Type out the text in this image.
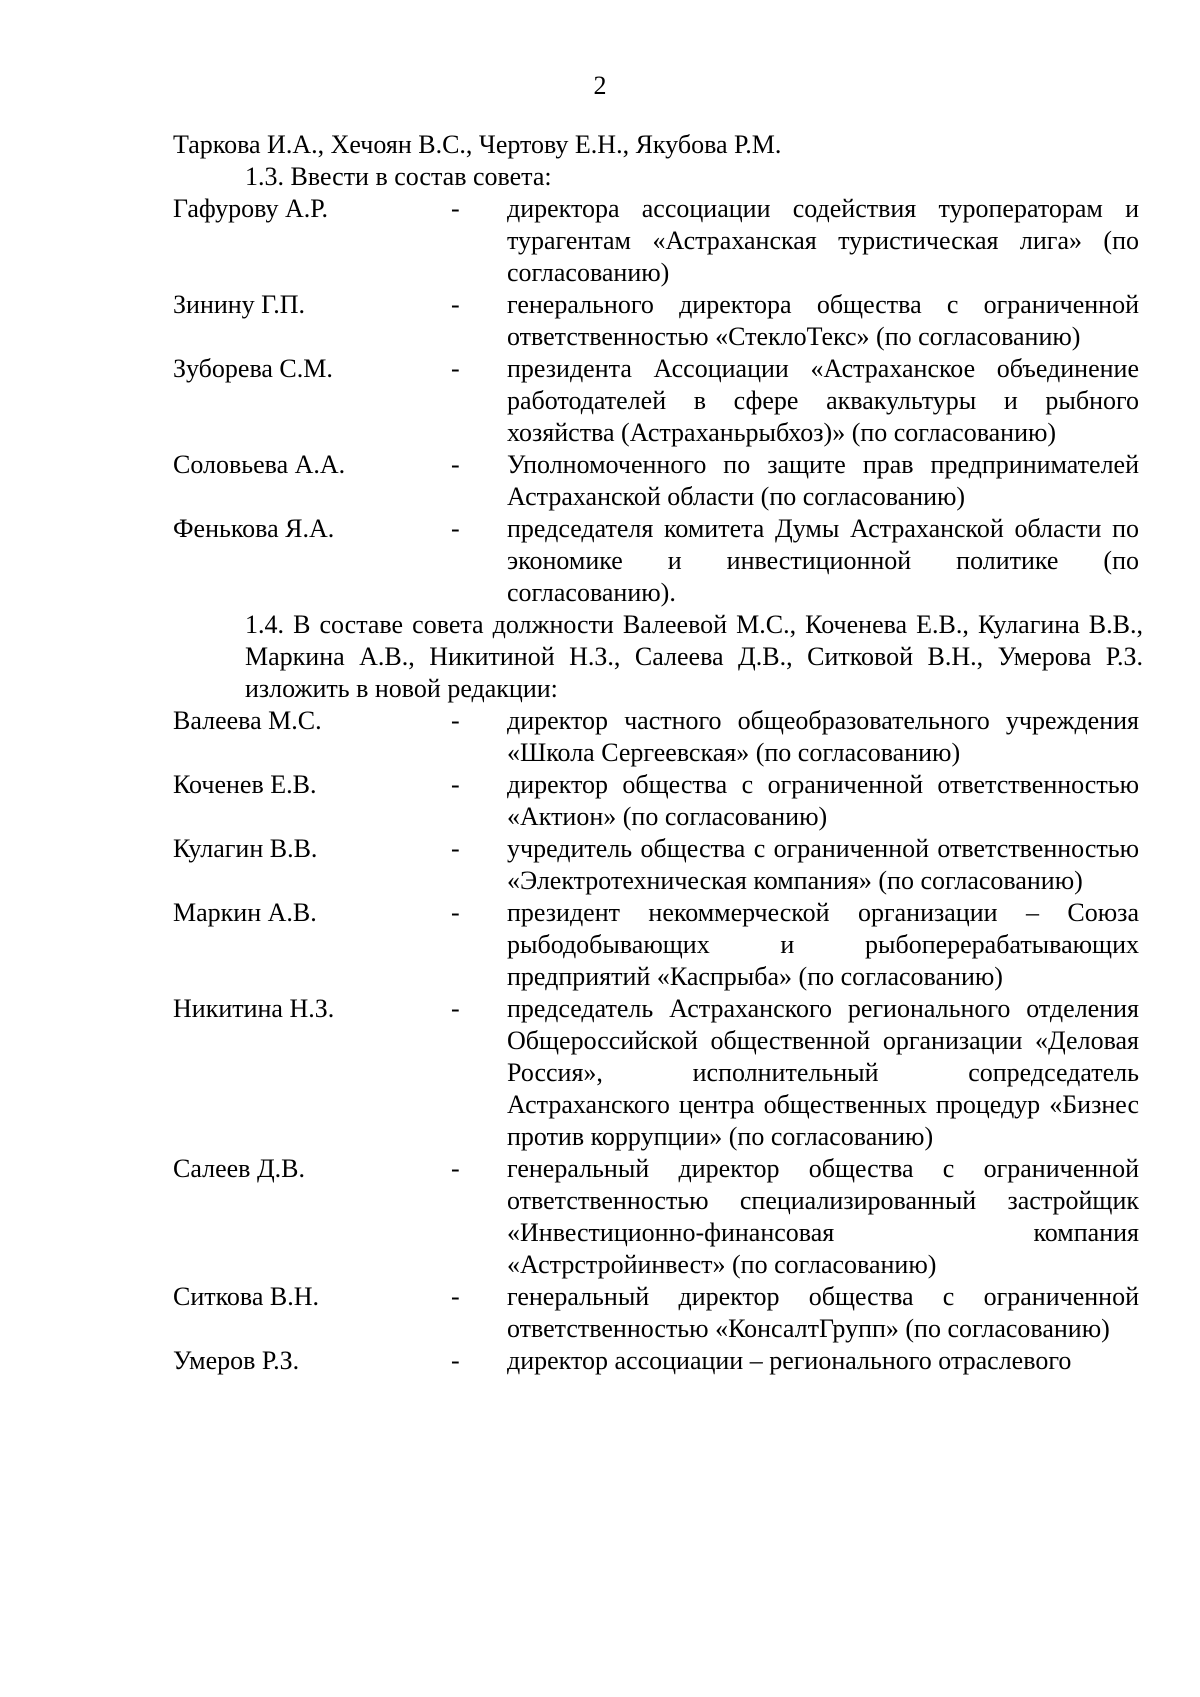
2
Таркова И.А., Хечоян В.С., Чертову Е.Н., Якубова Р.М.
1.3. Ввести в состав совета:
Гафурову А.Р.	-	директора ассоциации содействия туроператорам и турагентам «Астраханская туристическая лига» (по согласованию)
Зинину Г.П.	-	генерального директора общества с ограниченной ответственностью «СтеклоТекс» (по согласованию)
Зуборева С.М.	-	президента Ассоциации «Астраханское объединение работодателей в сфере аквакультуры и рыбного хозяйства (Астраханьрыбхоз)» (по согласованию)
Соловьева А.А.	-	Уполномоченного по защите прав предпринимателей Астраханской области (по согласованию)
Фенькова Я.А.	-	председателя комитета Думы Астраханской области по экономике и инвестиционной политике (по согласованию).
1.4. В составе совета должности Валеевой М.С., Коченева Е.В., Кулагина В.В., Маркина А.В., Никитиной Н.З., Салеева Д.В., Ситковой В.Н., Умерова Р.З. изложить в новой редакции:
Валеева М.С.	-	директор частного общеобразовательного учреждения «Школа Сергеевская» (по согласованию)
Коченев Е.В.	-	директор общества с ограниченной ответственностью «Актион» (по согласованию)
Кулагин В.В.	-	учредитель общества с ограниченной ответственностью «Электротехническая компания» (по согласованию)
Маркин А.В.	-	президент некоммерческой организации – Союза рыбодобывающих и рыбоперерабатывающих предприятий «Каспрыба» (по согласованию)
Никитина Н.З.	-	председатель Астраханского регионального отделения Общероссийской общественной организации «Деловая Россия», исполнительный сопредседатель Астраханского центра общественных процедур «Бизнес против коррупции» (по согласованию)
Салеев Д.В.	-	генеральный директор общества с ограниченной ответственностью специализированный застройщик «Инвестиционно-финансовая компания «Астрстройинвест» (по согласованию)
Ситкова В.Н.	-	генеральный директор общества с ограниченной ответственностью «КонсалтГрупп» (по согласованию)
Умеров Р.З.	-	директор ассоциации – регионального отраслевого
